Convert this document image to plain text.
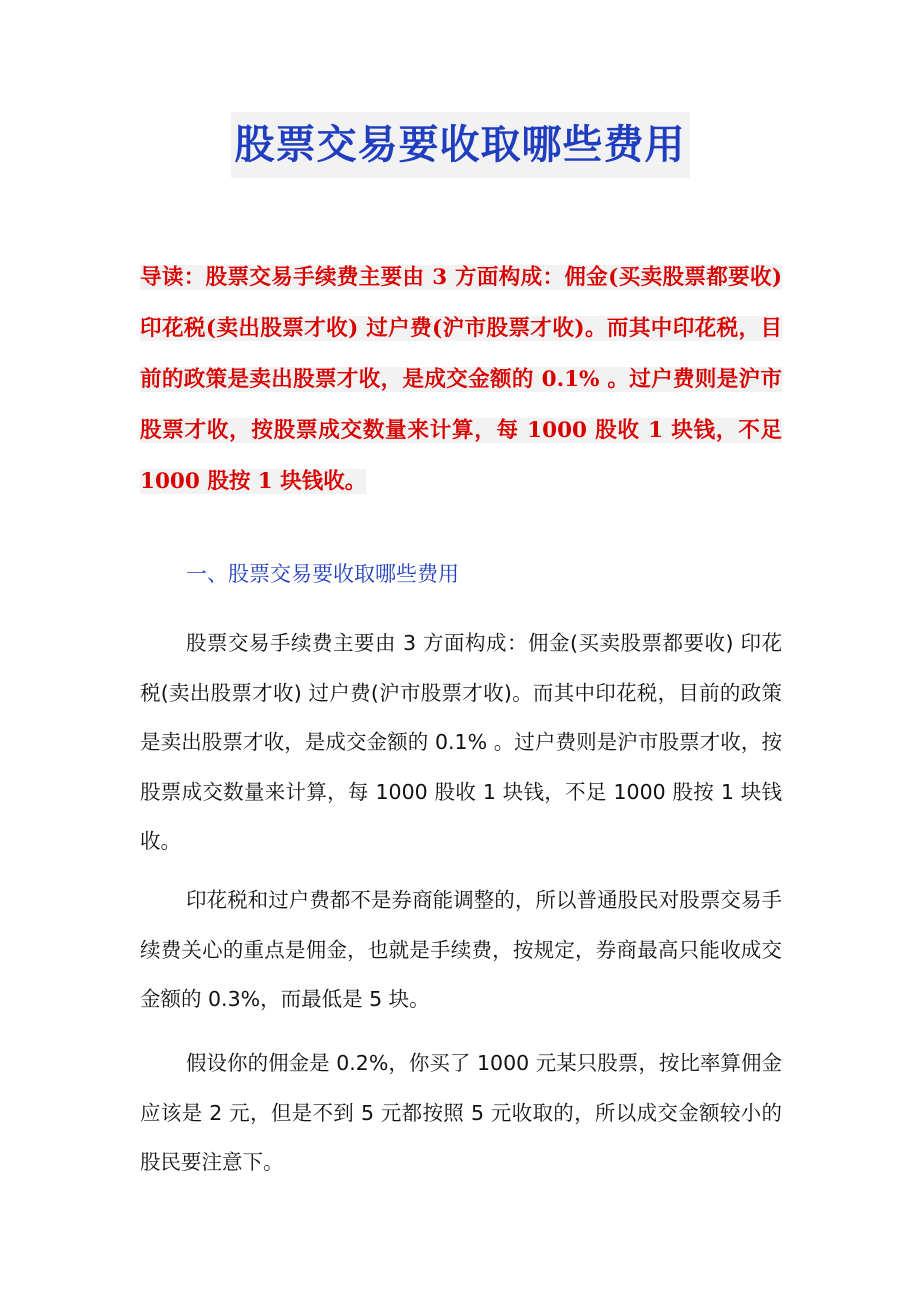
股票交易要收取哪些费用

导读：股票交易手续费主要由 3 方面构成：佣金(买卖股票都要收) 印花税(卖出股票才收) 过户费(沪市股票才收)。而其中印花税，目前的政策是卖出股票才收，是成交金额的 0.1% 。过户费则是沪市股票才收，按股票成交数量来计算，每 1000 股收 1 块钱，不足 1000 股按 1 块钱收。

一、股票交易要收取哪些费用

股票交易手续费主要由 3 方面构成：佣金(买卖股票都要收) 印花税(卖出股票才收) 过户费(沪市股票才收)。而其中印花税，目前的政策是卖出股票才收，是成交金额的 0.1% 。过户费则是沪市股票才收，按股票成交数量来计算，每 1000 股收 1 块钱，不足 1000 股按 1 块钱收。

印花税和过户费都不是券商能调整的，所以普通股民对股票交易手续费关心的重点是佣金，也就是手续费，按规定，券商最高只能收成交金额的 0.3%，而最低是 5 块。

假设你的佣金是 0.2%，你买了 1000 元某只股票，按比率算佣金应该是 2 元，但是不到 5 元都按照 5 元收取的，所以成交金额较小的股民要注意下。
